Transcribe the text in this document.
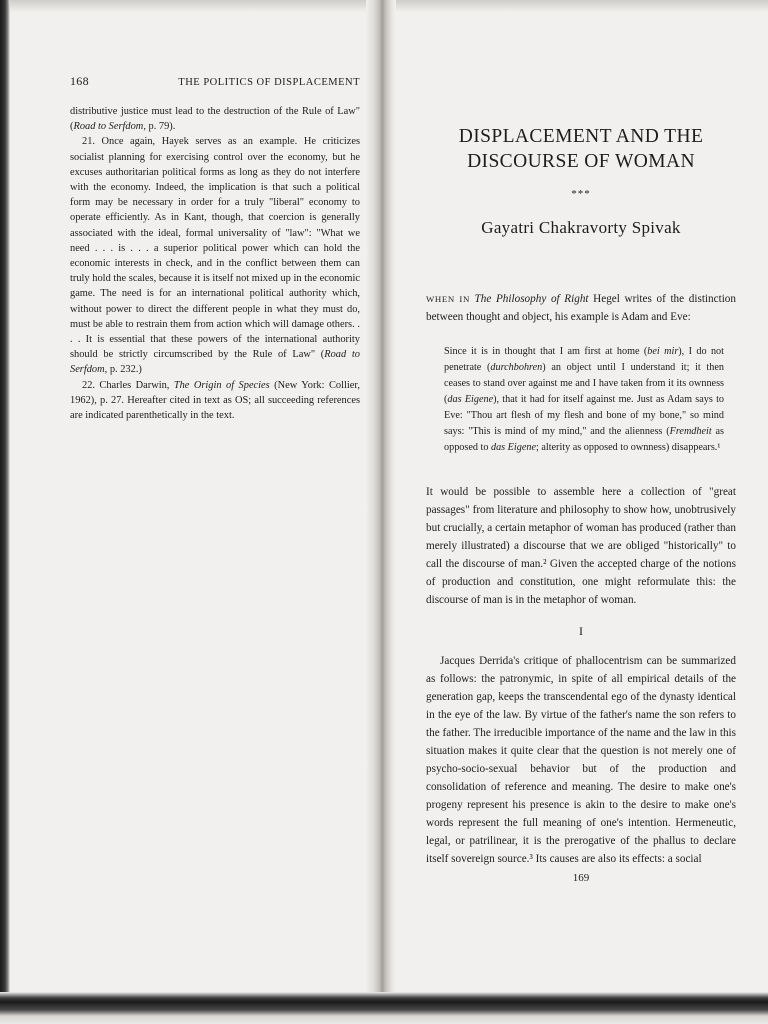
168	THE POLITICS OF DISPLACEMENT

distributive justice must lead to the destruction of the Rule of Law" (Road to Serfdom, p. 79).

21. Once again, Hayek serves as an example. He criticizes socialist planning for exercising control over the economy, but he excuses authoritarian political forms as long as they do not interfere with the economy. Indeed, the implication is that such a political form may be necessary in order for a truly "liberal" economy to operate efficiently. As in Kant, though, that coercion is generally associated with the ideal, formal universality of "law": "What we need . . . is . . . a superior political power which can hold the economic interests in check, and in the conflict between them can truly hold the scales, because it is itself not mixed up in the economic game. The need is for an international political authority which, without power to direct the different people in what they must do, must be able to restrain them from action which will damage others. . . . It is essential that these powers of the international authority should be strictly circumscribed by the Rule of Law" (Road to Serfdom, p. 232.)

22. Charles Darwin, The Origin of Species (New York: Collier, 1962), p. 27. Hereafter cited in text as OS; all succeeding references are indicated parenthetically in the text.

DISPLACEMENT AND THE
DISCOURSE OF WOMAN
***
Gayatri Chakravorty Spivak

WHEN IN The Philosophy of Right Hegel writes of the distinction between thought and object, his example is Adam and Eve:

Since it is in thought that I am first at home (bei mir), I do not penetrate (durchbohren) an object until I understand it; it then ceases to stand over against me and I have taken from it its ownness (das Eigene), that it had for itself against me. Just as Adam says to Eve: "Thou art flesh of my flesh and bone of my bone," so mind says: "This is mind of my mind," and the alienness (Fremdheit as opposed to das Eigene; alterity as opposed to ownness) disappears.¹

It would be possible to assemble here a collection of "great passages" from literature and philosophy to show how, unobtrusively but crucially, a certain metaphor of woman has produced (rather than merely illustrated) a discourse that we are obliged "historically" to call the discourse of man.² Given the accepted charge of the notions of production and constitution, one might reformulate this: the discourse of man is in the metaphor of woman.

I

Jacques Derrida's critique of phallocentrism can be summarized as follows: the patronymic, in spite of all empirical details of the generation gap, keeps the transcendental ego of the dynasty identical in the eye of the law. By virtue of the father's name the son refers to the father. The irreducible importance of the name and the law in this situation makes it quite clear that the question is not merely one of psycho-socio-sexual behavior but of the production and consolidation of reference and meaning. The desire to make one's progeny represent his presence is akin to the desire to make one's words represent the full meaning of one's intention. Hermeneutic, legal, or patrilinear, it is the prerogative of the phallus to declare itself sovereign source.³ Its causes are also its effects: a social

169
